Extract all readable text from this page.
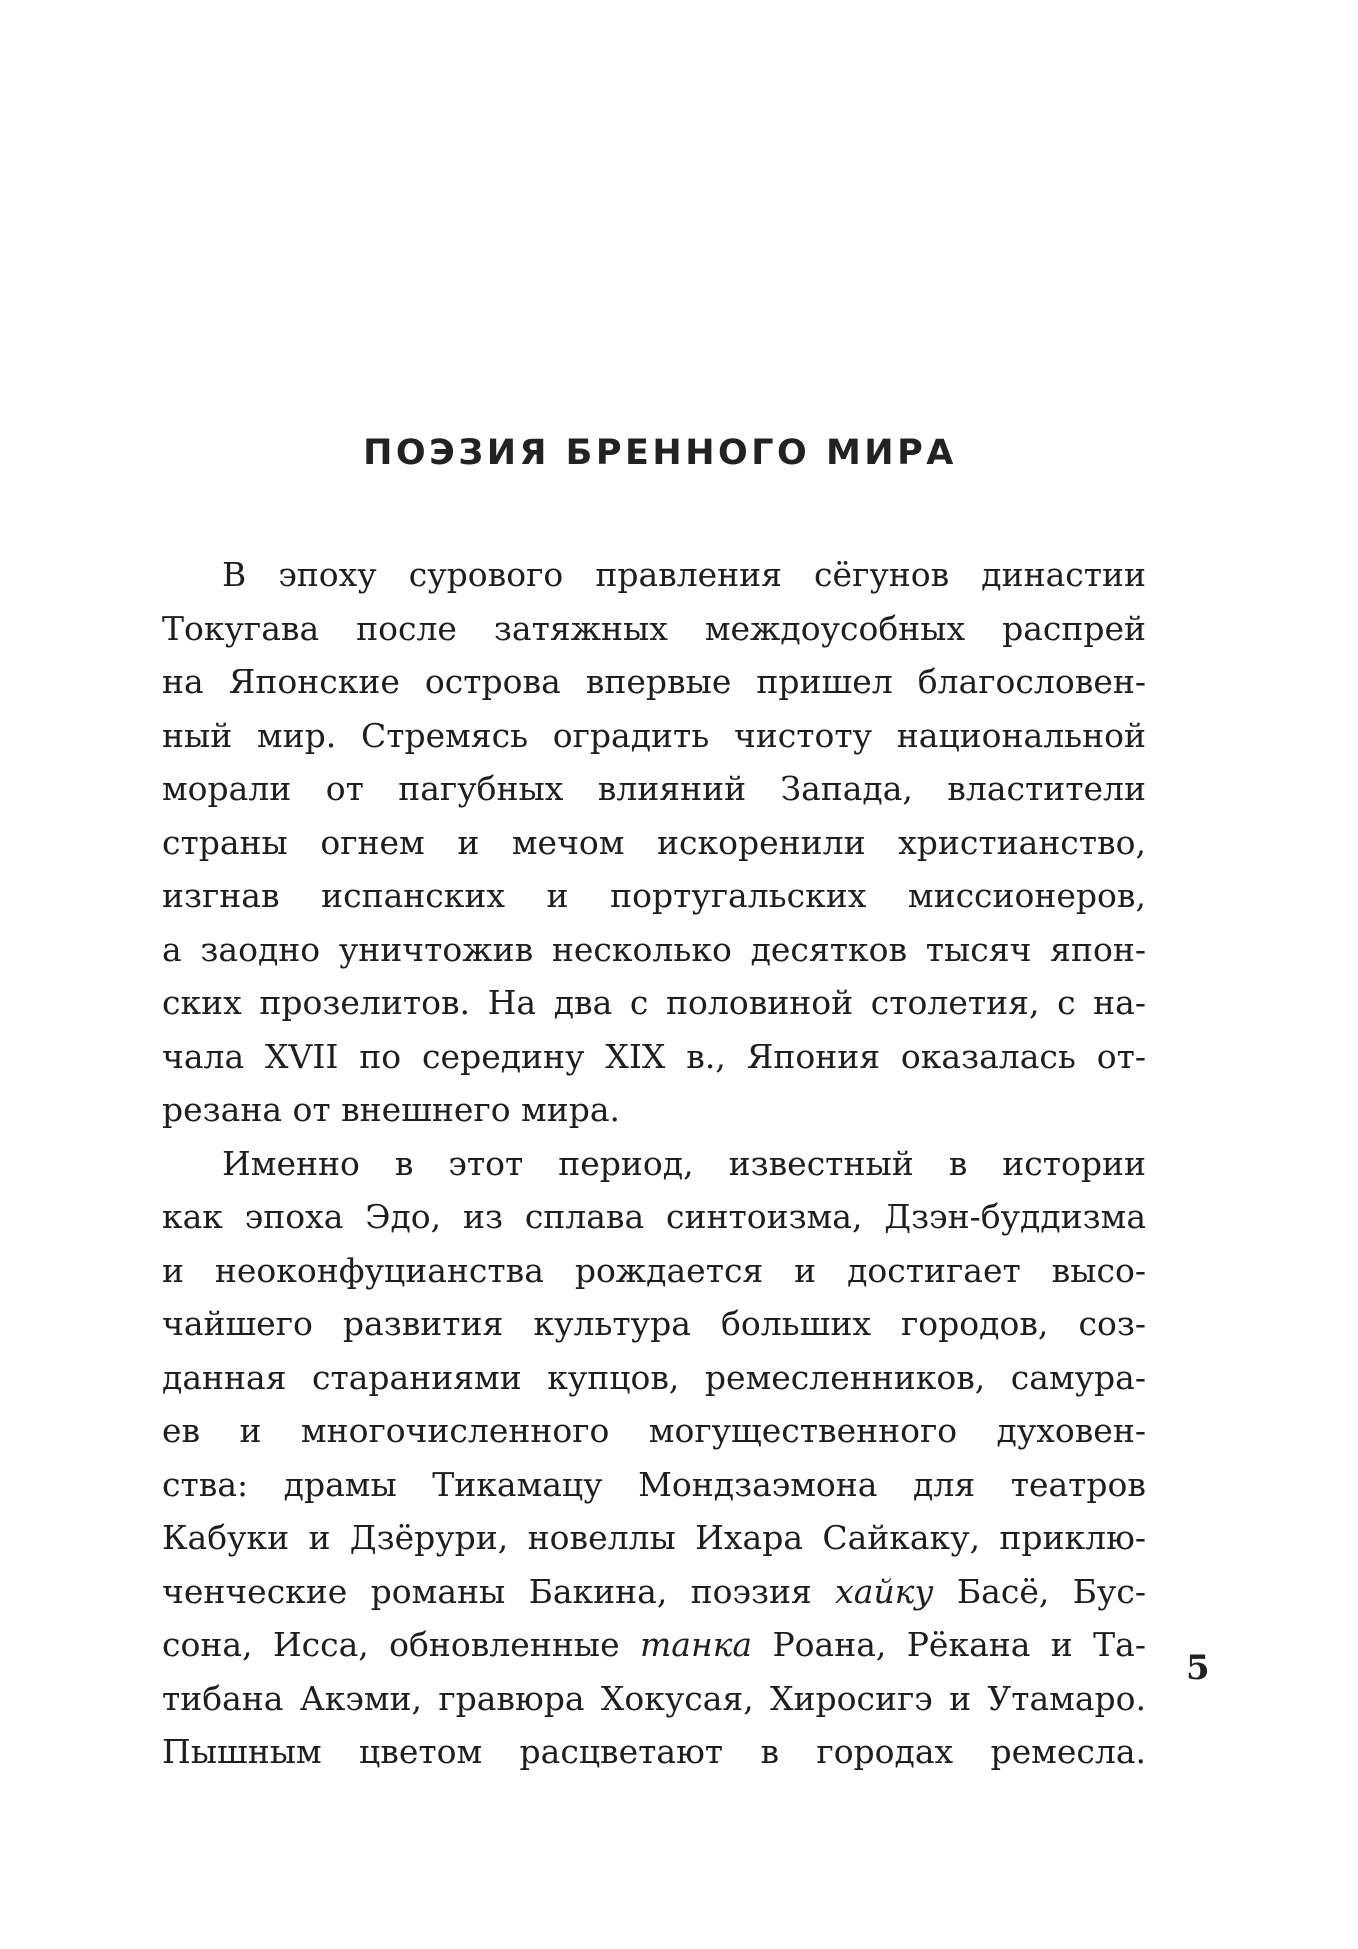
ПОЭЗИЯ БРЕННОГО МИРА
В эпоху сурового правления сёгунов династии
Токугава после затяжных междоусобных распрей
на Японские острова впервые пришел благословен-
ный мир. Стремясь оградить чистоту национальной
морали от пагубных влияний Запада, властители
страны огнем и мечом искоренили христианство,
изгнав испанских и португальских миссионеров,
а заодно уничтожив несколько десятков тысяч япон-
ских прозелитов. На два с половиной столетия, с на-
чала XVII по середину XIX в., Япония оказалась от-
резана от внешнего мира.
Именно в этот период, известный в истории
как эпоха Эдо, из сплава синтоизма, Дзэн-буддизма
и неоконфуцианства рождается и достигает высо-
чайшего развития культура больших городов, соз-
данная стараниями купцов, ремесленников, самура-
ев и многочисленного могущественного духовен-
ства: драмы Тикамацу Мондзаэмона для театров
Кабуки и Дзёрури, новеллы Ихара Сайкаку, приклю-
ченческие романы Бакина, поэзия хайку Басё, Бус-
сона, Исса, обновленные танка Роана, Рёкана и Та-
тибана Акэми, гравюра Хокусая, Хиросигэ и Утамаро.
Пышным цветом расцветают в городах ремесла.
5
